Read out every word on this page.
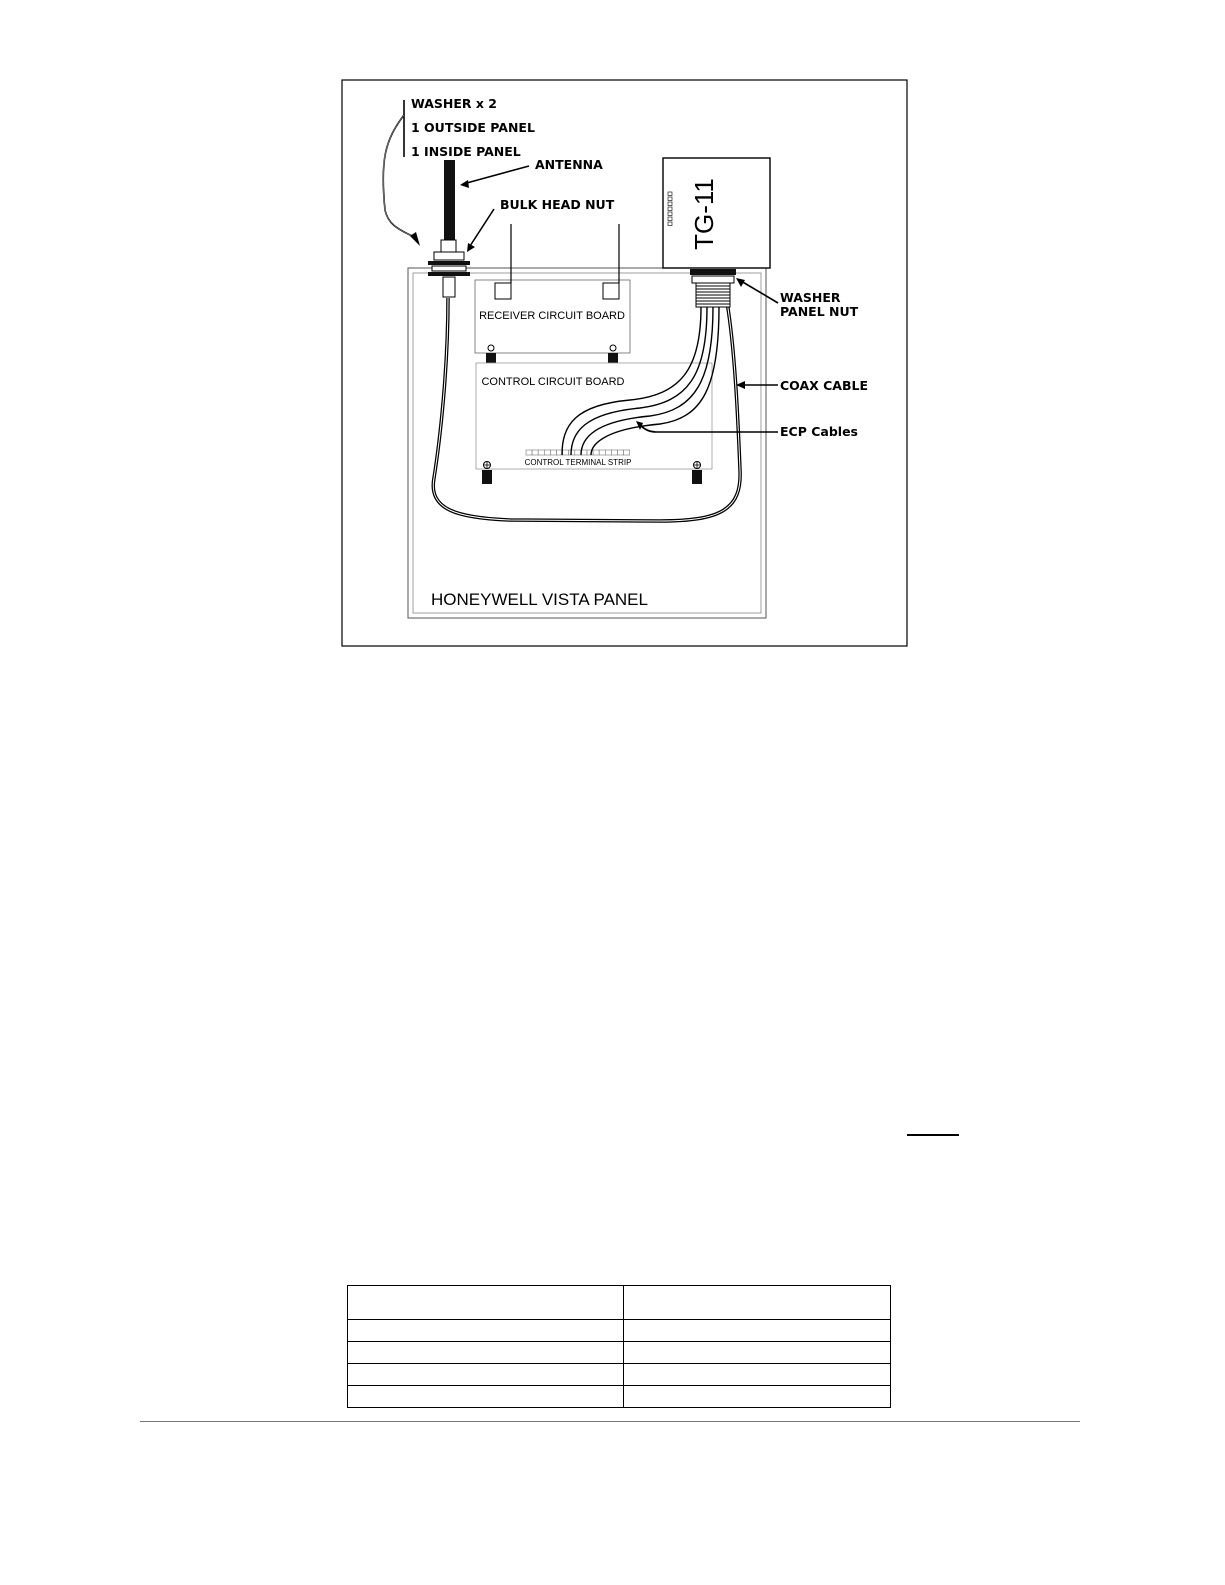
RECEIVER CIRCUIT BOARD
CONTROL CIRCUIT BOARD
CONTROL TERMINAL STRIP
TG-11
WASHER x 2
1 OUTSIDE PANEL
1 INSIDE PANEL
ANTENNA
BULK HEAD NUT
WASHER
PANEL NUT
COAX CABLE
ECP Cables
HONEYWELL VISTA PANEL
